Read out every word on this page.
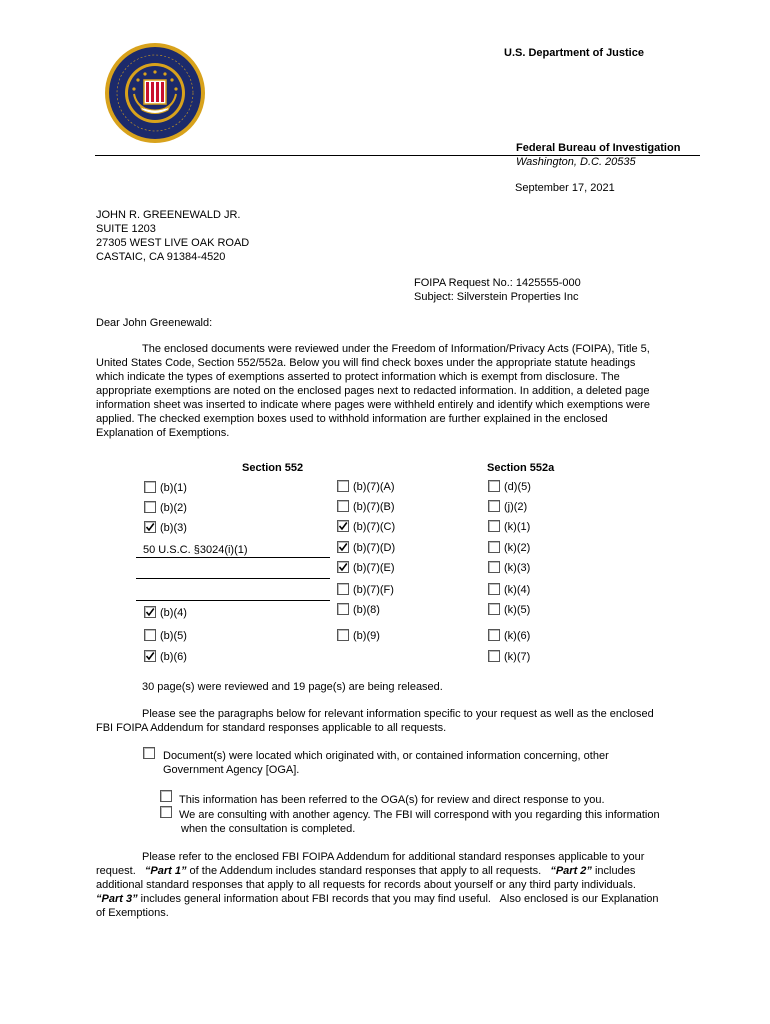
U.S. Department of Justice
Federal Bureau of Investigation
Washington, D.C. 20535
September 17, 2021

JOHN R. GREENEWALD JR.

SUITE 1203

27305 WEST LIVE OAK ROAD

CASTAIC, CA 91384-4520

FOIPA Request No.: 1425555-000

Subject: Silverstein Properties Inc

Dear John Greenewald:

The enclosed documents were reviewed under the Freedom of Information/Privacy Acts (FOIPA), Title 5,

United States Code, Section 552/552a. Below you will find check boxes under the appropriate statute headings

which indicate the types of exemptions asserted to protect information which is exempt from disclosure. The

appropriate exemptions are noted on the enclosed pages next to redacted information. In addition, a deleted page

information sheet was inserted to indicate where pages were withheld entirely and identify which exemptions were

applied. The checked exemption boxes used to withhold information are further explained in the enclosed

Explanation of Exemptions.

Section 552	Section 552a
(b)(1)
(b)(2)
(b)(3)
50 U.S.C. §3024(i)(1)
(b)(4)
(b)(5)
(b)(6)
(b)(7)(A)
(b)(7)(B)
(b)(7)(C)
(b)(7)(D)
(b)(7)(E)
(b)(7)(F)
(b)(8)
(b)(9)
(d)(5)
(j)(2)
(k)(1)
(k)(2)
(k)(3)
(k)(4)
(k)(5)
(k)(6)
(k)(7)
30 page(s) were reviewed and 19 page(s) are being released.

Please see the paragraphs below for relevant information specific to your request as well as the enclosed

FBI FOIPA Addendum for standard responses applicable to all requests.

Document(s) were located which originated with, or contained information concerning, other

Government Agency [OGA].

This information has been referred to the OGA(s) for review and direct response to you.

We are consulting with another agency. The FBI will correspond with you regarding this information

when the consultation is completed.

Please refer to the enclosed FBI FOIPA Addendum for additional standard responses applicable to your

request.   “Part 1” of the Addendum includes standard responses that apply to all requests.   “Part 2” includes

additional standard responses that apply to all requests for records about yourself or any third party individuals.

“Part 3” includes general information about FBI records that you may find useful.   Also enclosed is our Explanation

of Exemptions.
